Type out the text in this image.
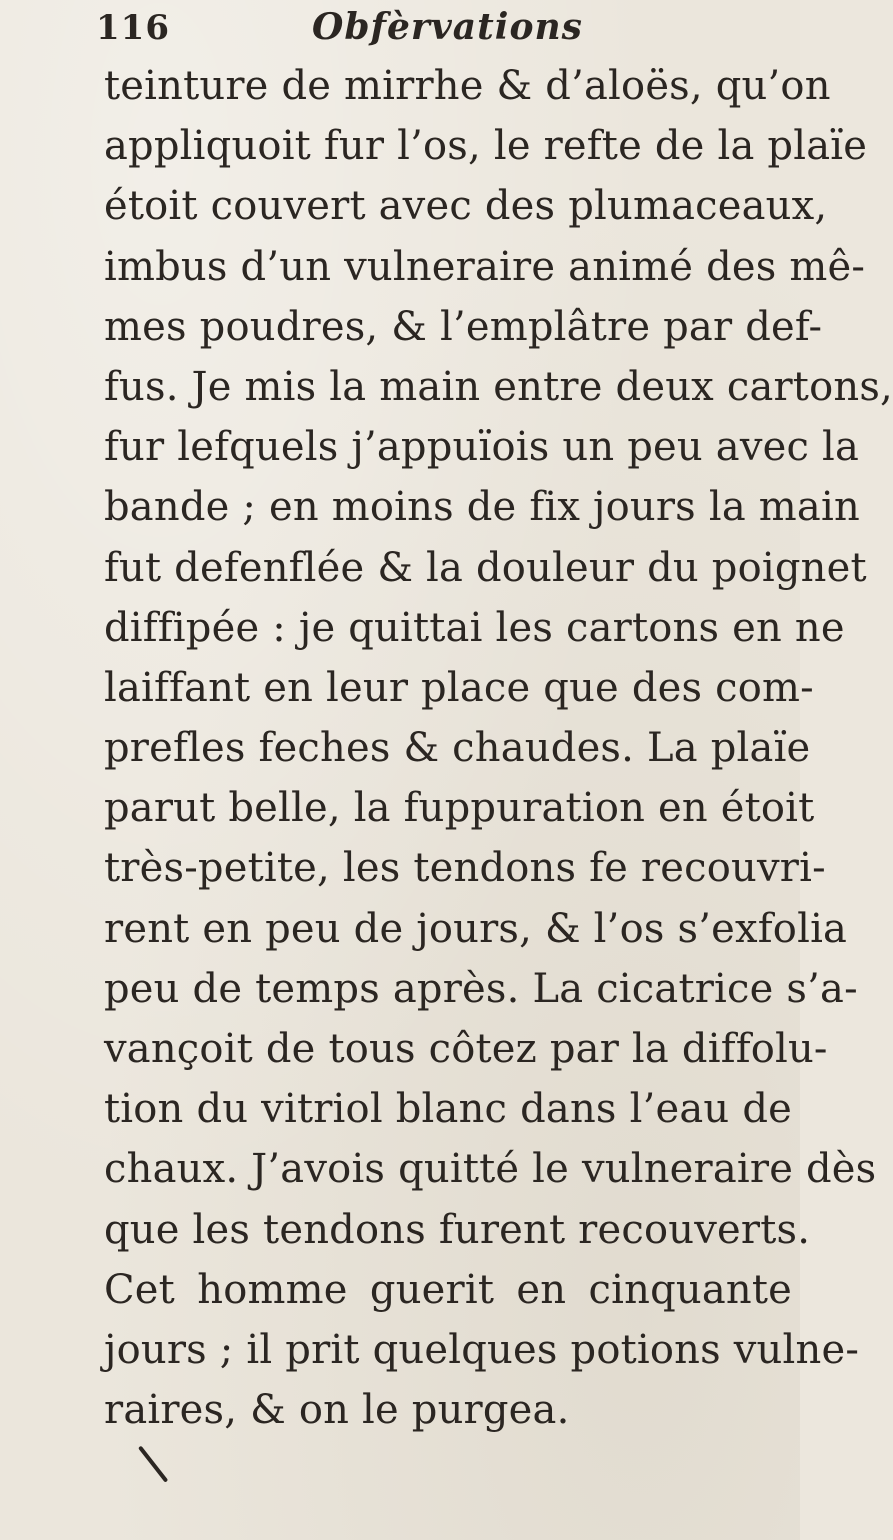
116	Obfèrvations
teinture de mirrhe & d’aloës, qu’on
appliquoit fur l’os, le refte de la plaïe
étoit couvert avec des plumaceaux,
imbus d’un vulneraire animé des mê-
mes poudres, & l’emplâtre par def-
fus. Je mis la main entre deux cartons,
fur lefquels j’appuïois un peu avec la
bande ; en moins de fix jours la main
fut defenflée & la douleur du poignet
diffipée : je quittai les cartons en ne
laiffant en leur place que des com-
prefles feches & chaudes. La plaïe
parut belle, la fuppuration en étoit
très-petite, les tendons fe recouvri-
rent en peu de jours, & l’os s’exfolia
peu de temps après. La cicatrice s’a-
vançoit de tous côtez par la diffolu-
tion du vitriol blanc dans l’eau de
chaux. J’avois quitté le vulneraire dès
que les tendons furent recouverts.
Cet homme guerit en cinquante
jours ; il prit quelques potions vulne-
raires, & on le purgea.
